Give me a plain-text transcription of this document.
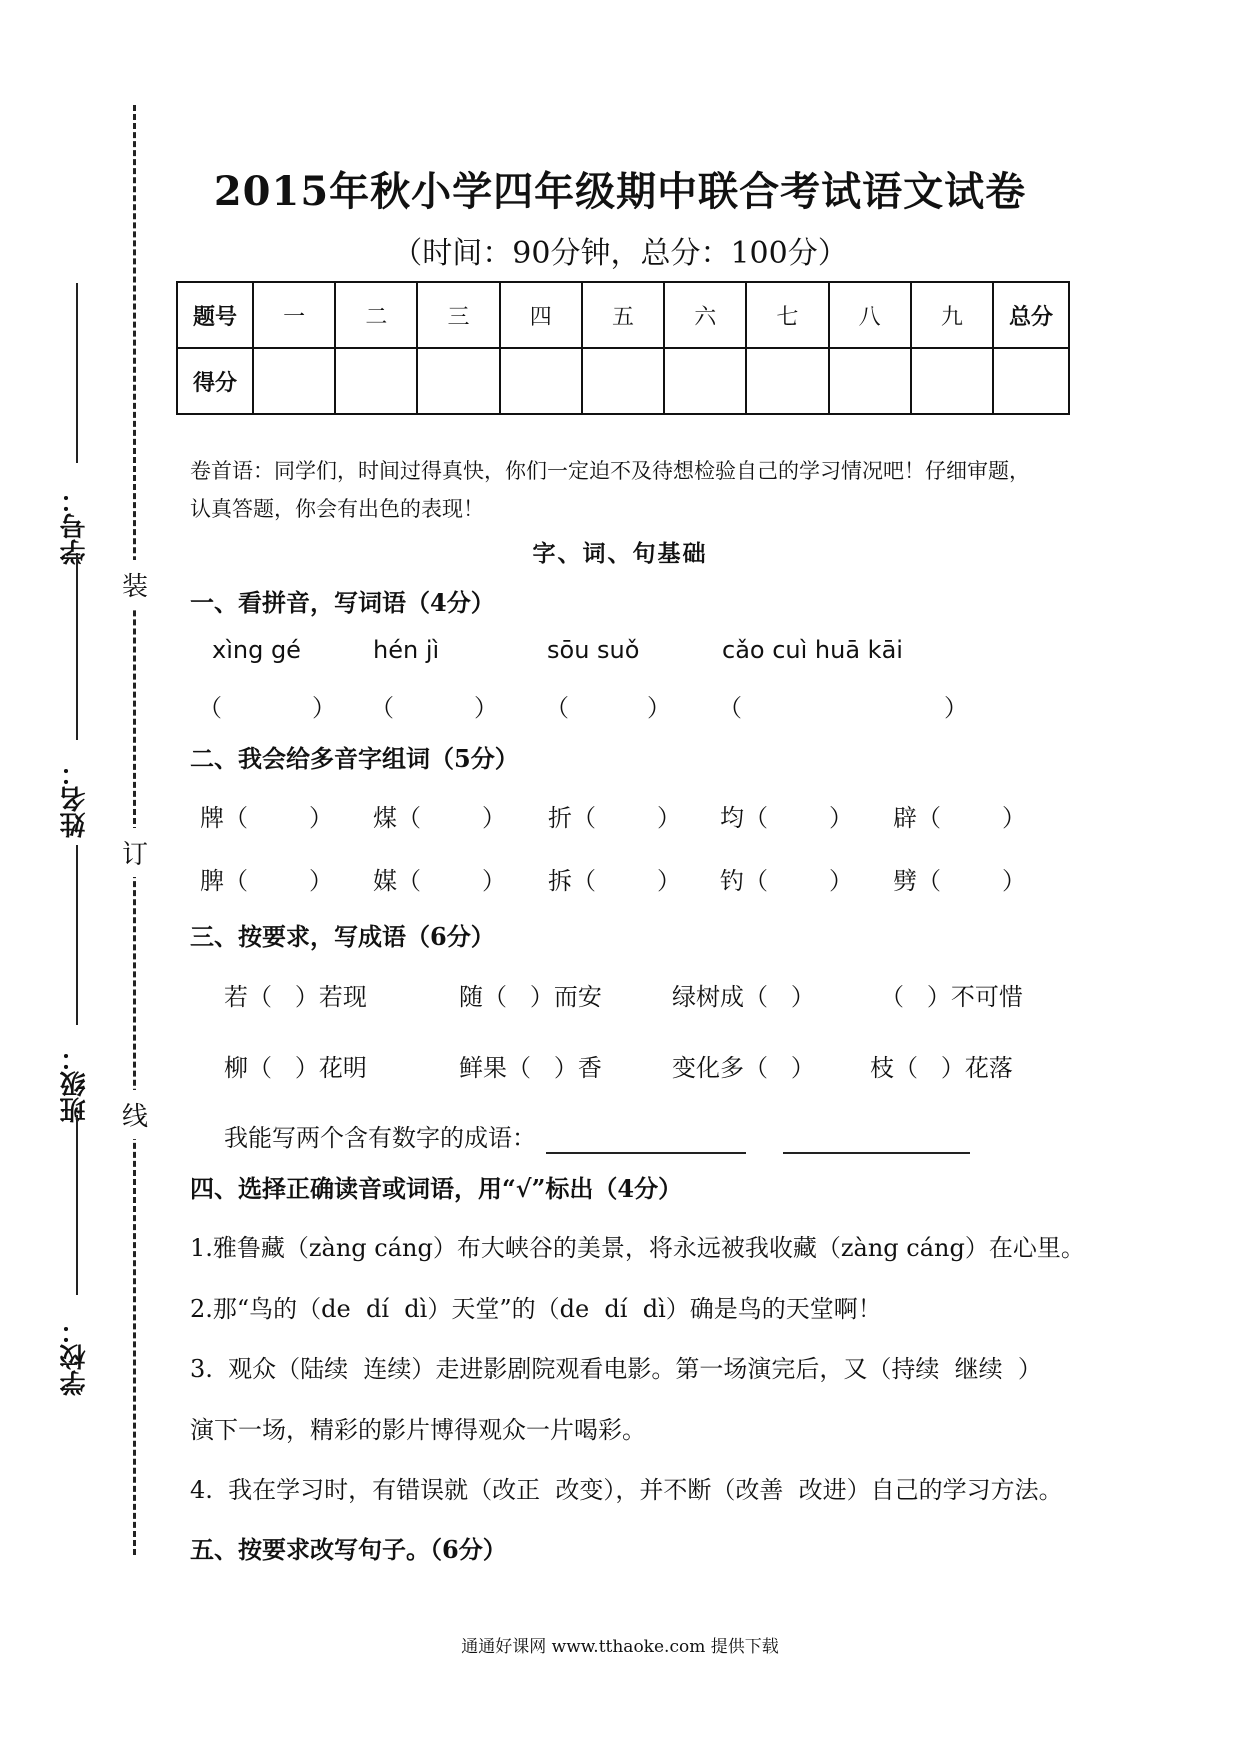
装
订
线
学号：
姓名：
班级：
学校：
2015年秋小学四年级期中联合考试语文试卷
（时间：90分钟，总分：100分）
题号	一	二	三	四	五	六	七	八	九	总分
得分										
卷首语：同学们，时间过得真快，你们一定迫不及待想检验自己的学习情况吧！仔细审题，
认真答题，你会有出色的表现！
字、词、句基础
一、看拼音，写词语（4分）
xìng gé	hén jì	sōu suǒ	cǎo cuì huā kāi
（	） （	） （	） （	）
二、我会给多音字组词（5分）
牌（        ） 煤（        ） 折（        ） 均（        ） 辟（        ）
脾（        ） 媒（        ） 拆（        ） 钓（        ） 劈（        ）
三、按要求，写成语（6分）
若（   ）若现	随（   ）而安	绿树成（   ）	（   ）不可惜
柳（   ）花明	鲜果（   ）香	变化多（   ） 枝（   ）花落
我能写两个含有数字的成语：
四、选择正确读音或词语，用“√”标出（4分）
1.雅鲁藏（zàng cáng）布大峡谷的美景，将永远被我收藏（zàng cáng）在心里。
2.那“鸟的（de  dí  dì）天堂”的（de  dí  dì）确是鸟的天堂啊！
3.  观众（陆续  连续）走进影剧院观看电影。第一场演完后，又（持续  继续  ）
演下一场，精彩的影片博得观众一片喝彩。
4.  我在学习时，有错误就（改正  改变），并不断（改善  改进）自己的学习方法。
五、按要求改写句子。（6分）
通通好课网 www.tthaoke.com 提供下载
